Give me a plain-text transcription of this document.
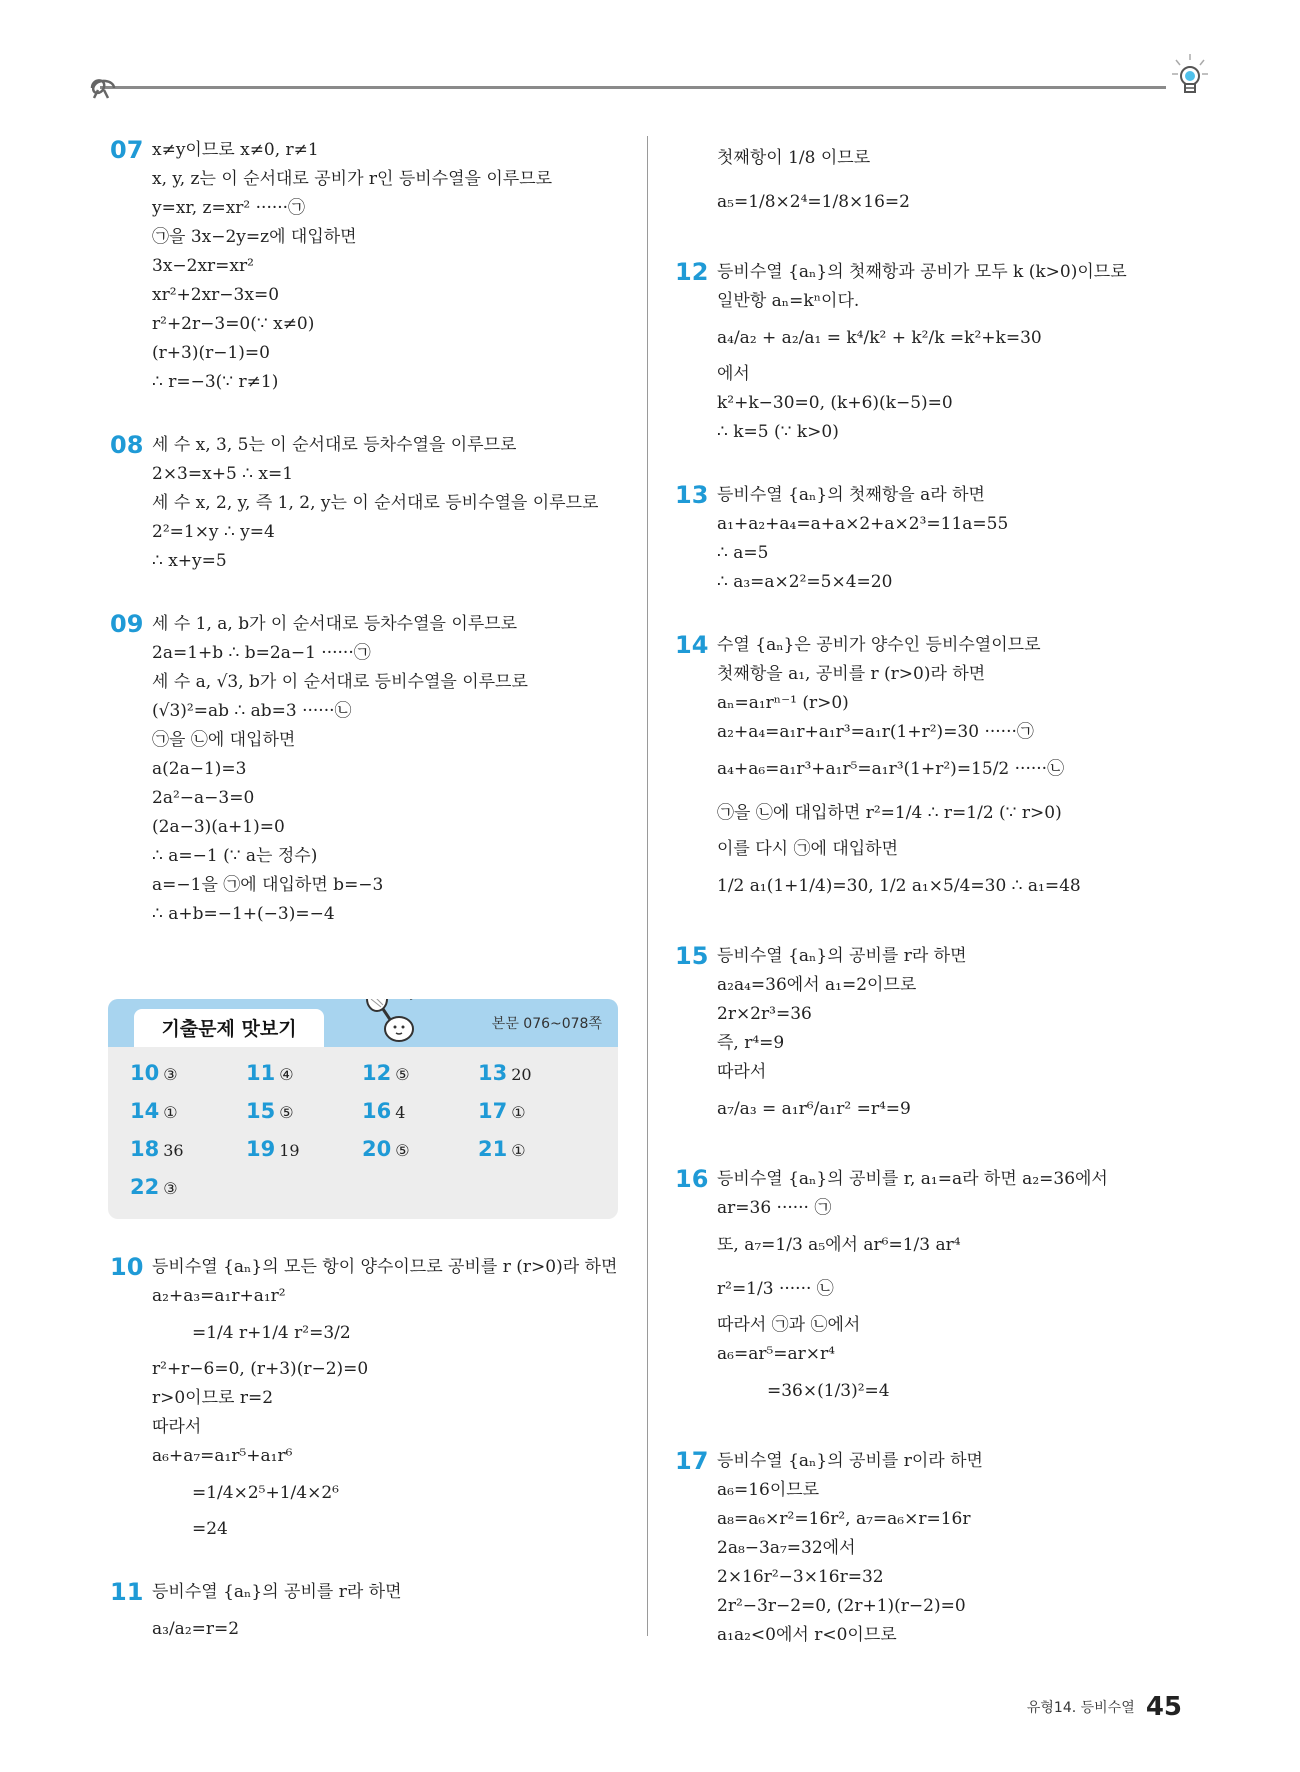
07 x≠y이므로 x≠0, r≠1
x, y, z는 이 순서대로 공비가 r인 등비수열을 이루므로
y=xr, z=xr² ······㉠
㉠을 3x−2y=z에 대입하면
3x−2xr=xr²
xr²+2xr−3x=0
r²+2r−3=0(∵ x≠0)
(r+3)(r−1)=0
∴ r=−3(∵ r≠1)
08 세 수 x, 3, 5는 이 순서대로 등차수열을 이루므로
2×3=x+5 ∴ x=1
세 수 x, 2, y, 즉 1, 2, y는 이 순서대로 등비수열을 이루므로
2²=1×y ∴ y=4
∴ x+y=5
09 세 수 1, a, b가 이 순서대로 등차수열을 이루므로
2a=1+b ∴ b=2a−1 ······㉠
세 수 a, √3, b가 이 순서대로 등비수열을 이루므로
(√3)²=ab ∴ ab=3 ······㉡
㉠을 ㉡에 대입하면
a(2a−1)=3
2a²−a−3=0
(2a−3)(a+1)=0
∴ a=−1 (∵ a는 정수)
a=−1을 ㉠에 대입하면 b=−3
∴ a+b=−1+(−3)=−4
기출문제 맛보기	본문 076~078쪽
10 ③	11 ④	12 ⑤	13 20
14 ①	15 ⑤	16 4	17 ①
18 36	19 19	20 ⑤	21 ①
22 ③
10 등비수열 {aₙ}의 모든 항이 양수이므로 공비를 r (r>0)라 하면
a₂+a₃=a₁r+a₁r²
=1/4 r+1/4 r²=3/2
r²+r−6=0, (r+3)(r−2)=0
r>0이므로 r=2
따라서
a₆+a₇=a₁r⁵+a₁r⁶
=1/4×2⁵+1/4×2⁶
=24
11 등비수열 {aₙ}의 공비를 r라 하면
a₃/a₂=r=2
첫째항이 1/8 이므로
a₅=1/8×2⁴=1/8×16=2
12 등비수열 {aₙ}의 첫째항과 공비가 모두 k (k>0)이므로
일반항 aₙ=kⁿ이다.
a₄/a₂ + a₂/a₁ = k⁴/k² + k²/k =k²+k=30
에서
k²+k−30=0, (k+6)(k−5)=0
∴ k=5 (∵ k>0)
13 등비수열 {aₙ}의 첫째항을 a라 하면
a₁+a₂+a₄=a+a×2+a×2³=11a=55
∴ a=5
∴ a₃=a×2²=5×4=20
14 수열 {aₙ}은 공비가 양수인 등비수열이므로
첫째항을 a₁, 공비를 r (r>0)라 하면
aₙ=a₁rⁿ⁻¹ (r>0)
a₂+a₄=a₁r+a₁r³=a₁r(1+r²)=30 ······㉠
a₄+a₆=a₁r³+a₁r⁵=a₁r³(1+r²)=15/2 ······㉡
㉠을 ㉡에 대입하면 r²=1/4 ∴ r=1/2 (∵ r>0)
이를 다시 ㉠에 대입하면
1/2 a₁(1+1/4)=30, 1/2 a₁×5/4=30 ∴ a₁=48
15 등비수열 {aₙ}의 공비를 r라 하면
a₂a₄=36에서 a₁=2이므로
2r×2r³=36
즉, r⁴=9
따라서
a₇/a₃ = a₁r⁶/a₁r² =r⁴=9
16 등비수열 {aₙ}의 공비를 r, a₁=a라 하면 a₂=36에서
ar=36 ······ ㉠
또, a₇=1/3 a₅에서 ar⁶=1/3 ar⁴
r²=1/3 ······ ㉡
따라서 ㉠과 ㉡에서
a₆=ar⁵=ar×r⁴
=36×(1/3)²=4
17 등비수열 {aₙ}의 공비를 r이라 하면
a₆=16이므로
a₈=a₆×r²=16r², a₇=a₆×r=16r
2a₈−3a₇=32에서
2×16r²−3×16r=32
2r²−3r−2=0, (2r+1)(r−2)=0
a₁a₂<0에서 r<0이므로
유형14. 등비수열 45
